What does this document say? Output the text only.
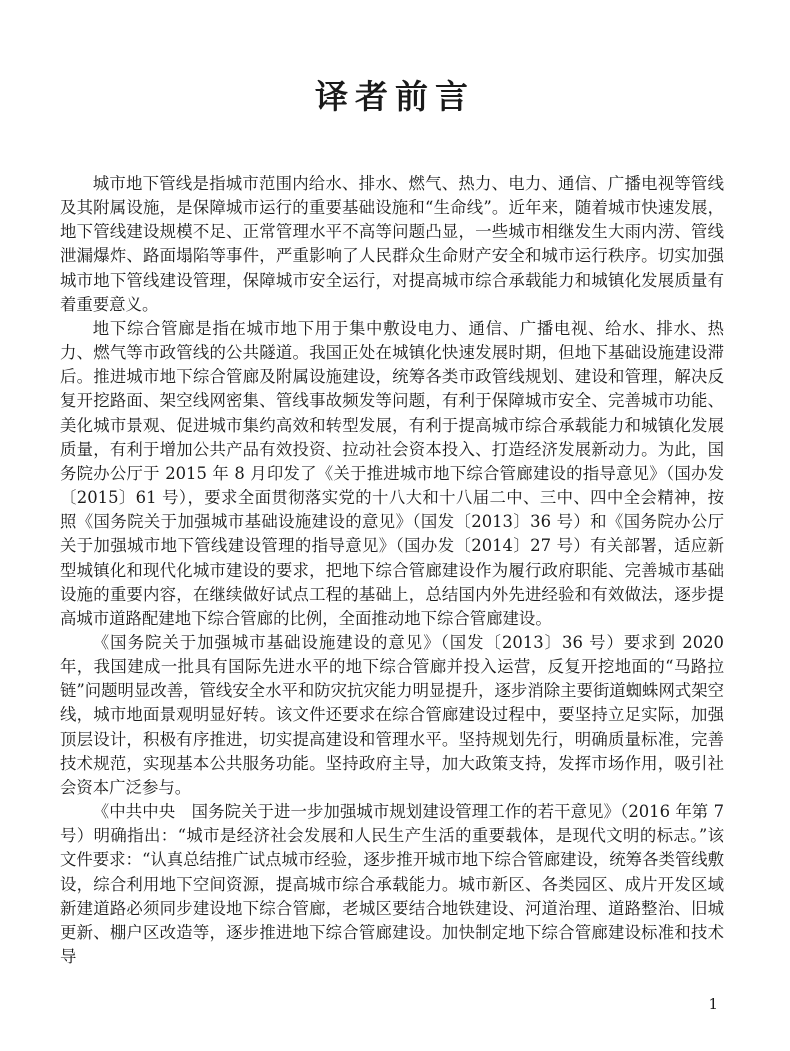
译者前言

城市地下管线是指城市范围内给水、排水、燃气、热力、电力、通信、广播电视等管线及其附属设施，是保障城市运行的重要基础设施和“生命线”。近年来，随着城市快速发展，地下管线建设规模不足、正常管理水平不高等问题凸显，一些城市相继发生大雨内涝、管线泄漏爆炸、路面塌陷等事件，严重影响了人民群众生命财产安全和城市运行秩序。切实加强城市地下管线建设管理，保障城市安全运行，对提高城市综合承载能力和城镇化发展质量有着重要意义。

地下综合管廊是指在城市地下用于集中敷设电力、通信、广播电视、给水、排水、热力、燃气等市政管线的公共隧道。我国正处在城镇化快速发展时期，但地下基础设施建设滞后。推进城市地下综合管廊及附属设施建设，统筹各类市政管线规划、建设和管理，解决反复开挖路面、架空线网密集、管线事故频发等问题，有利于保障城市安全、完善城市功能、美化城市景观、促进城市集约高效和转型发展，有利于提高城市综合承载能力和城镇化发展质量，有利于增加公共产品有效投资、拉动社会资本投入、打造经济发展新动力。为此，国务院办公厅于 2015 年 8 月印发了《关于推进城市地下综合管廊建设的指导意见》（国办发〔2015〕61 号），要求全面贯彻落实党的十八大和十八届二中、三中、四中全会精神，按照《国务院关于加强城市基础设施建设的意见》（国发〔2013〕36 号）和《国务院办公厅关于加强城市地下管线建设管理的指导意见》（国办发〔2014〕27 号）有关部署，适应新型城镇化和现代化城市建设的要求，把地下综合管廊建设作为履行政府职能、完善城市基础设施的重要内容，在继续做好试点工程的基础上，总结国内外先进经验和有效做法，逐步提高城市道路配建地下综合管廊的比例，全面推动地下综合管廊建设。

《国务院关于加强城市基础设施建设的意见》（国发〔2013〕36 号）要求到 2020 年，我国建成一批具有国际先进水平的地下综合管廊并投入运营，反复开挖地面的“马路拉链”问题明显改善，管线安全水平和防灾抗灾能力明显提升，逐步消除主要街道蜘蛛网式架空线，城市地面景观明显好转。该文件还要求在综合管廊建设过程中，要坚持立足实际，加强顶层设计，积极有序推进，切实提高建设和管理水平。坚持规划先行，明确质量标准，完善技术规范，实现基本公共服务功能。坚持政府主导，加大政策支持，发挥市场作用，吸引社会资本广泛参与。

《中共中央　国务院关于进一步加强城市规划建设管理工作的若干意见》（2016 年第 7 号）明确指出：“城市是经济社会发展和人民生产生活的重要载体，是现代文明的标志。”该文件要求：“认真总结推广试点城市经验，逐步推开城市地下综合管廊建设，统筹各类管线敷设，综合利用地下空间资源，提高城市综合承载能力。城市新区、各类园区、成片开发区域新建道路必须同步建设地下综合管廊，老城区要结合地铁建设、河道治理、道路整治、旧城更新、棚户区改造等，逐步推进地下综合管廊建设。加快制定地下综合管廊建设标准和技术导

1
